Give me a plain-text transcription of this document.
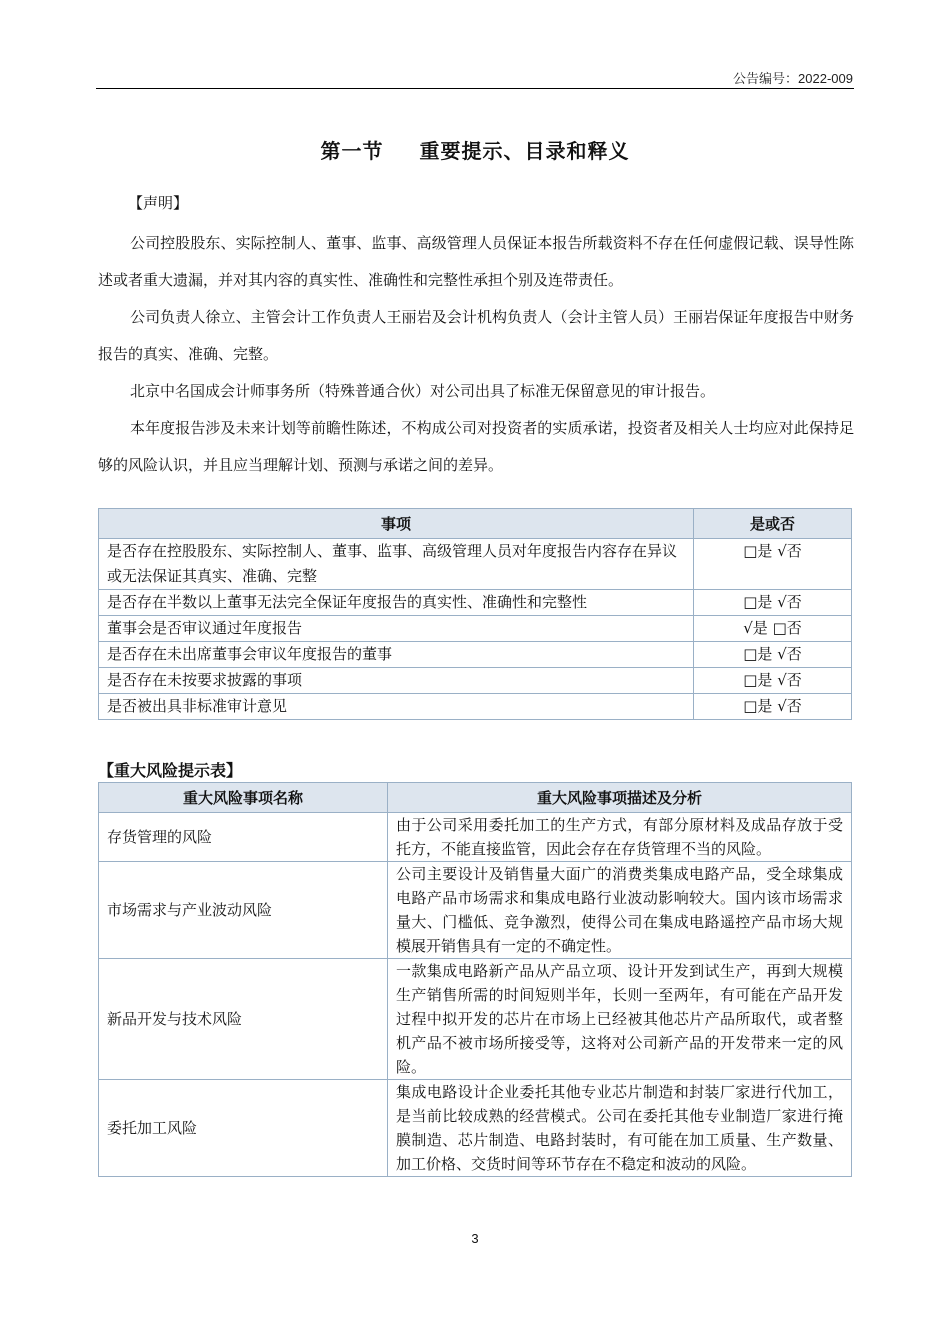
公告编号：2022-009
第一节 重要提示、目录和释义
【声明】

公司控股股东、实际控制人、董事、监事、高级管理人员保证本报告所载资料不存在任何虚假记载、误导性陈述或者重大遗漏，并对其内容的真实性、准确性和完整性承担个别及连带责任。

公司负责人徐立、主管会计工作负责人王丽岩及会计机构负责人（会计主管人员）王丽岩保证年度报告中财务报告的真实、准确、完整。

北京中名国成会计师事务所（特殊普通合伙）对公司出具了标准无保留意见的审计报告。

本年度报告涉及未来计划等前瞻性陈述，不构成公司对投资者的实质承诺，投资者及相关人士均应对此保持足够的风险认识，并且应当理解计划、预测与承诺之间的差异。

事项	是或否
是否存在控股股东、实际控制人、董事、监事、高级管理人员对年度报告内容存在异议或无法保证其真实、准确、完整	□是 √否
是否存在半数以上董事无法完全保证年度报告的真实性、准确性和完整性	□是 √否
董事会是否审议通过年度报告	√是 □否
是否存在未出席董事会审议年度报告的董事	□是 √否
是否存在未按要求披露的事项	□是 √否
是否被出具非标准审计意见	□是 √否
【重大风险提示表】
重大风险事项名称	重大风险事项描述及分析
存货管理的风险	由于公司采用委托加工的生产方式，有部分原材料及成品存放于受托方，不能直接监管，因此会存在存货管理不当的风险。
市场需求与产业波动风险	公司主要设计及销售量大面广的消费类集成电路产品，受全球集成电路产品市场需求和集成电路行业波动影响较大。国内该市场需求量大、门槛低、竞争激烈，使得公司在集成电路遥控产品市场大规模展开销售具有一定的不确定性。
新品开发与技术风险	一款集成电路新产品从产品立项、设计开发到试生产，再到大规模生产销售所需的时间短则半年，长则一至两年，有可能在产品开发过程中拟开发的芯片在市场上已经被其他芯片产品所取代，或者整机产品不被市场所接受等，这将对公司新产品的开发带来一定的风险。
委托加工风险	集成电路设计企业委托其他专业芯片制造和封装厂家进行代加工，是当前比较成熟的经营模式。公司在委托其他专业制造厂家进行掩膜制造、芯片制造、电路封装时，有可能在加工质量、生产数量、加工价格、交货时间等环节存在不稳定和波动的风险。
3
